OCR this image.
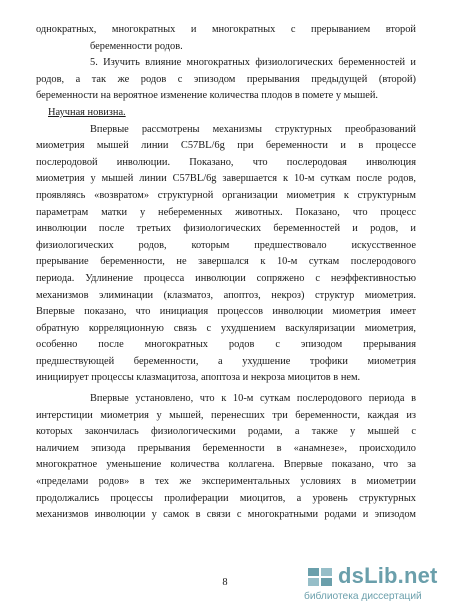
однократных, многократных и многократных с прерыванием второй
беременности родов.
5. Изучить влияние многократных физиологических беременностей и
родов, а так же родов с эпизодом прерывания предыдущей (второй)
беременности на вероятное изменение количества плодов в помете у мышей.
Научная новизна.
Впервые рассмотрены механизмы структурных преобразований
миометрия мышей линии С57BL/6g при беременности и в процессе
послеродовой инволюции. Показано, что послеродовая инволюция
миометрия у мышей линии С57BL/6g завершается к 10-м суткам после родов,
проявляясь «возвратом» структурной организации миометрия к структурным
параметрам матки у небеременных животных. Показано, что процесс
инволюции после третьих физиологических беременностей и родов, и
физиологических родов, которым предшествовало искусственное
прерывание беременности, не завершался к 10-м суткам послеродового
периода. Удлинение процесса инволюции сопряжено с неэффективностью
механизмов элиминации (клазматоз, апоптоз, некроз) структур миометрия.
Впервые показано, что инициация процессов инволюции миометрия имеет
обратную корреляционную связь с ухудшением васкуляризации миометрия,
особенно после многократных родов с эпизодом прерывания
предшествующей беременности, а ухудшение трофики миометрия
инициирует процессы клазмацитоза, апоптоза и некроза миоцитов в нем.
Впервые установлено, что к 10-м суткам послеродового периода в
интерстиции миометрия у мышей, перенесших три беременности, каждая из
которых закончилась физиологическими родами, а также у мышей с
наличием эпизода прерывания беременности в «анамнезе», происходило
многократное уменьшение количества коллагена. Впервые показано, что за
«пределами родов» в тех же экспериментальных условиях в миометрии
продолжались процессы пролиферации миоцитов, а уровень структурных
механизмов инволюции у самок в связи с многократными родами и эпизодом
8	dsLib.net
библиотека диссертаций
